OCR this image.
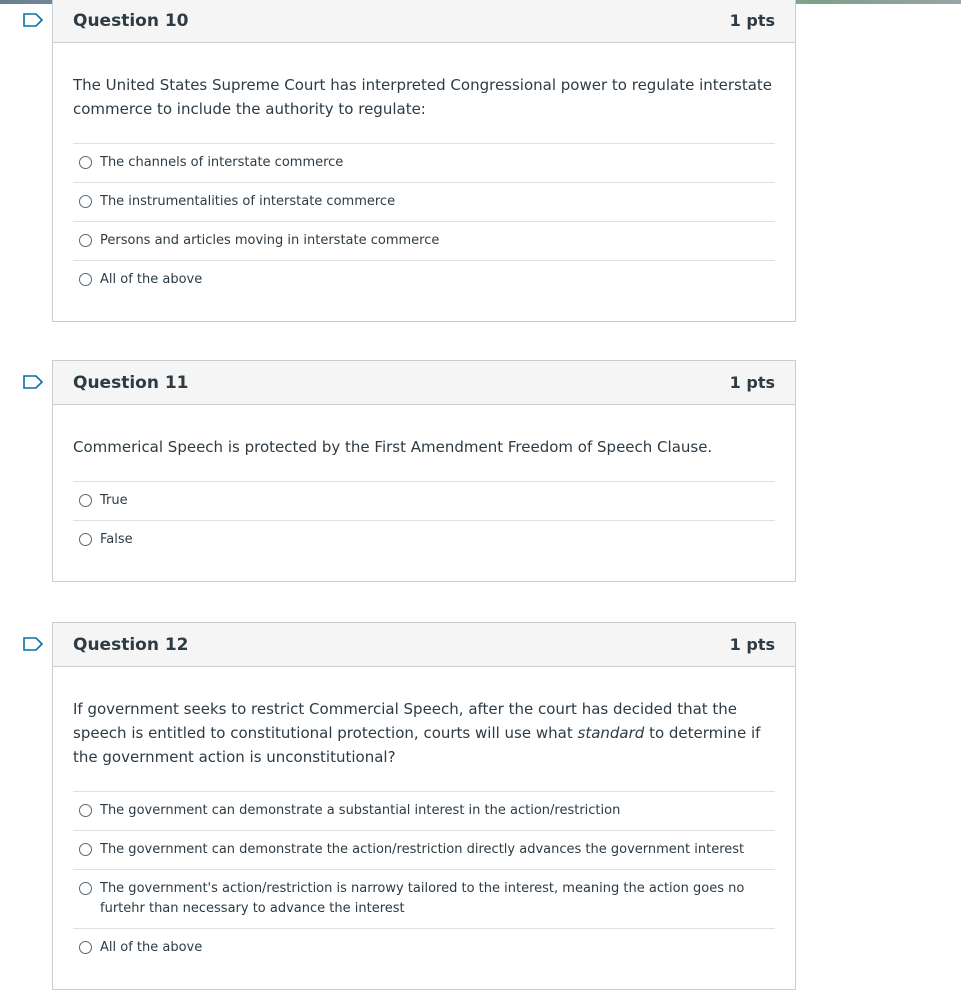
Question 10	1 pts

The United States Supreme Court has interpreted Congressional power to regulate interstate commerce to include the authority to regulate:

The channels of interstate commerce
The instrumentalities of interstate commerce
Persons and articles moving in interstate commerce
All of the above
Question 11	1 pts

Commerical Speech is protected by the First Amendment Freedom of Speech Clause.

True
False
Question 12	1 pts

If government seeks to restrict Commercial Speech, after the court has decided that the speech is entitled to constitutional protection, courts will use what standard to determine if the government action is unconstitutional?

The government can demonstrate a substantial interest in the action/restriction
The government can demonstrate the action/restriction directly advances the government interest
The government's action/restriction is narrowy tailored to the interest, meaning the action goes no furtehr than necessary to advance the interest
All of the above
